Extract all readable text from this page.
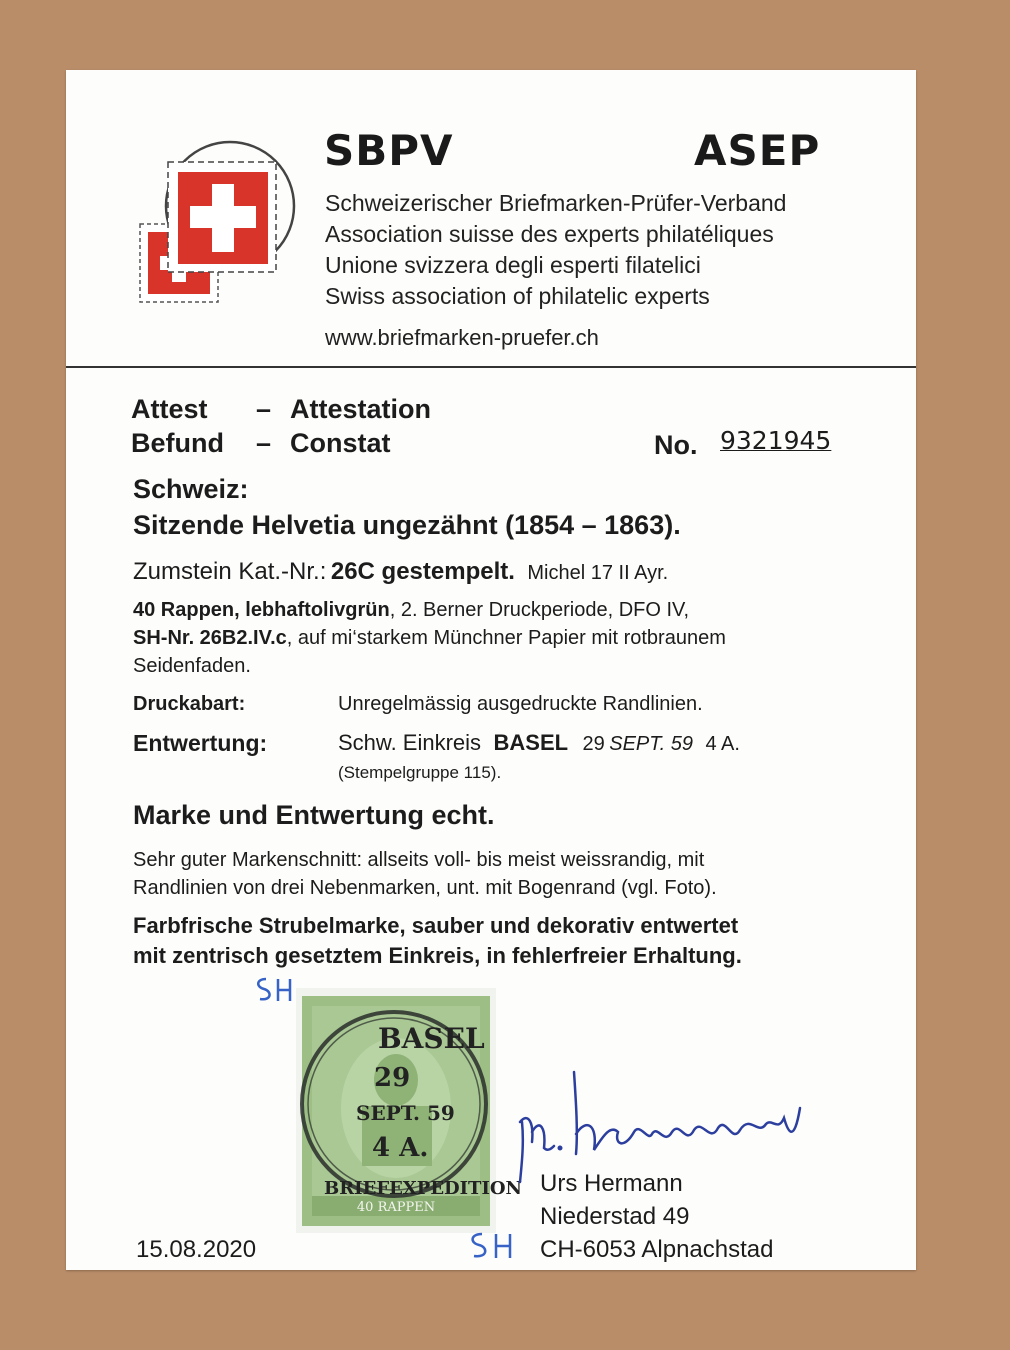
SBPV	ASEP
Schweizerischer Briefmarken-Prüfer-Verband
Association suisse des experts philatéliques
Unione svizzera degli esperti filatelici
Swiss association of philatelic experts
www.briefmarken-pruefer.ch
Attest – Attestation
Befund – Constat	No. 9321945
Schweiz:
Sitzende Helvetia ungezähnt (1854 – 1863).
Zumstein Kat.-Nr.: 26C gestempelt. Michel 17 II Ayr.
40 Rappen, lebhaftolivgrün, 2. Berner Druckperiode, DFO IV,
SH-Nr. 26B2.IV.c, auf mi‘starkem Münchner Papier mit rotbraunem
Seidenfaden.
Druckabart:	Unregelmässig ausgedruckte Randlinien.
Entwertung:	Schw. Einkreis BASEL 29 SEPT. 59 4 A.
(Stempelgruppe 115).
Marke und Entwertung echt.
Sehr guter Markenschnitt: allseits voll- bis meist weissrandig, mit
Randlinien von drei Nebenmarken, unt. mit Bogenrand (vgl. Foto).
Farbfrische Strubelmarke, sauber und dekorativ entwertet
mit zentrisch gesetztem Einkreis, in fehlerfreier Erhaltung.
40 RAPPEN
BASEL
29
SEPT. 59
4 A.
BRIEFEXPEDITION
15.08.2020
Urs Hermann
Niederstad 49
CH-6053 Alpnachstad
